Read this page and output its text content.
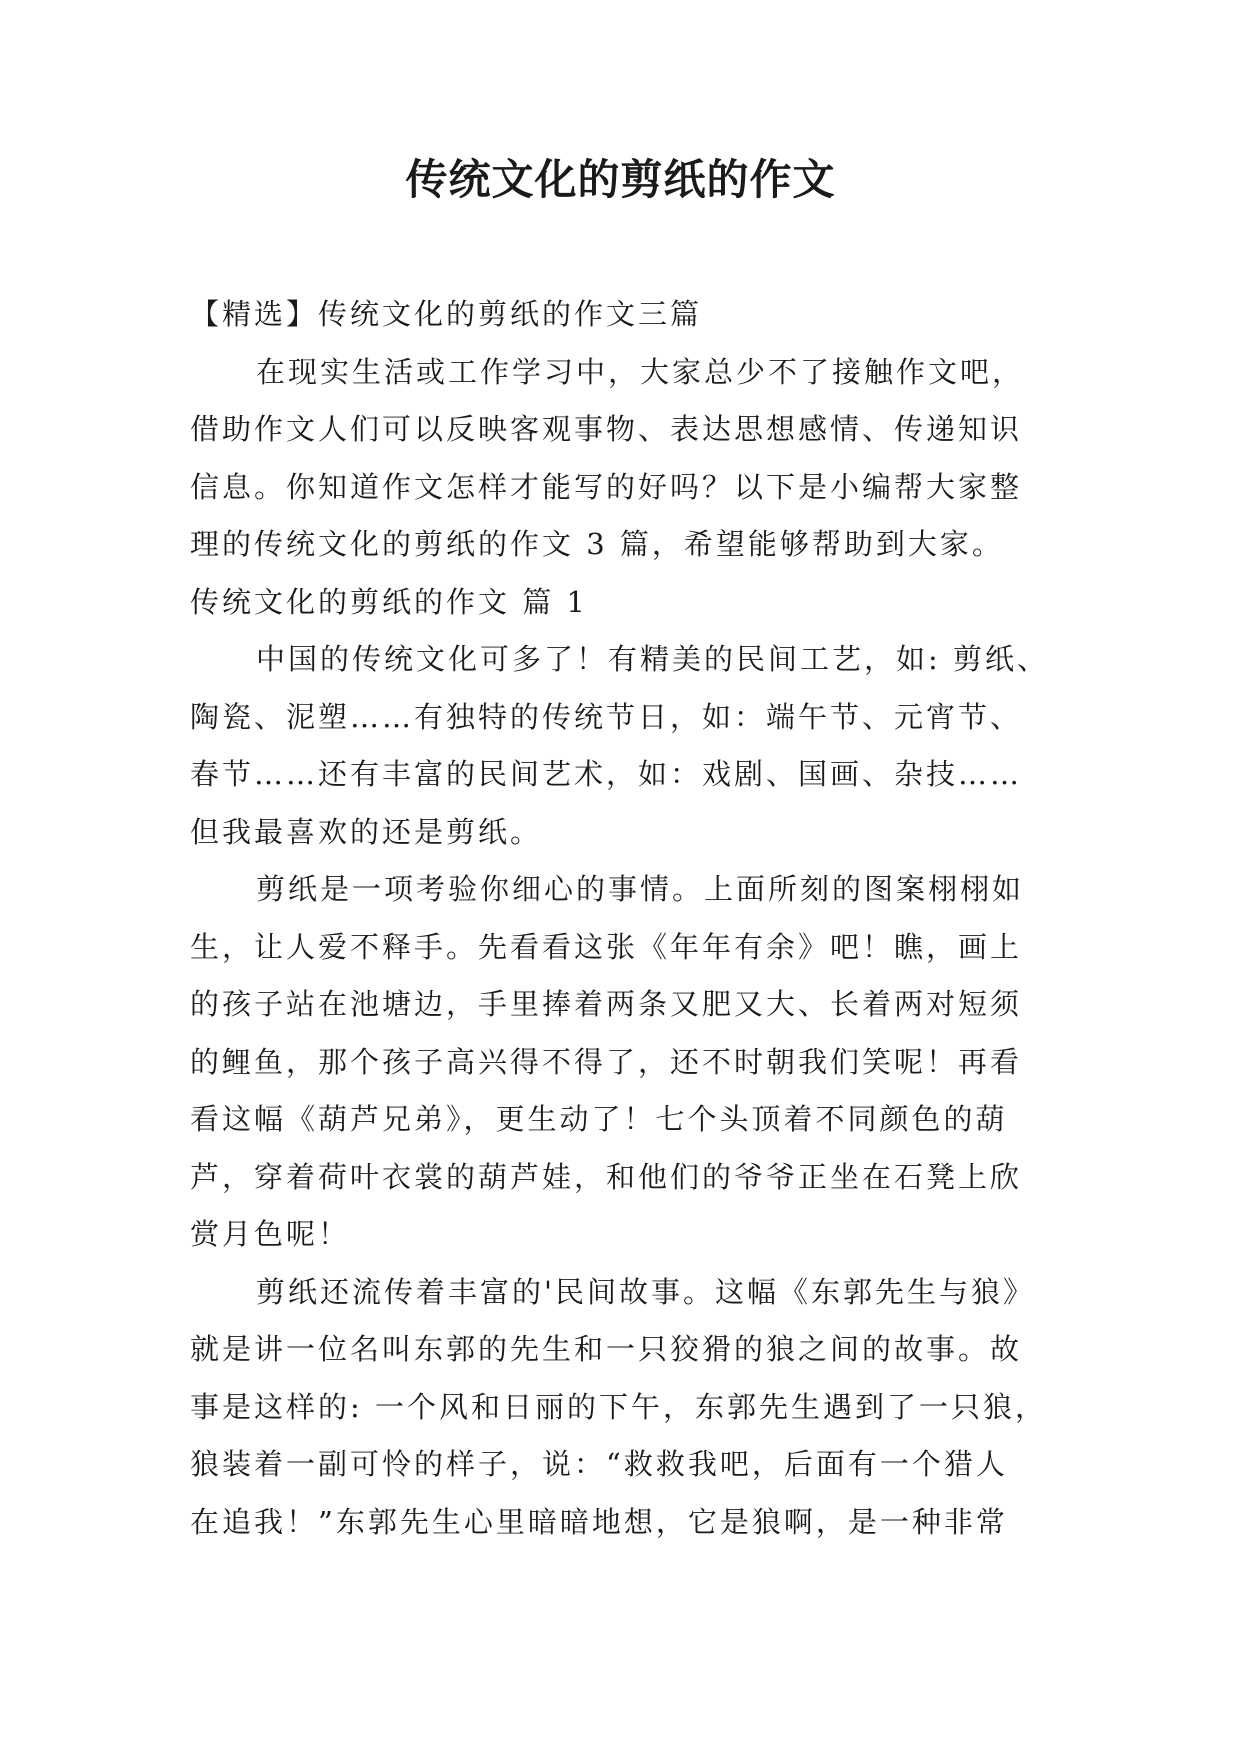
传统文化的剪纸的作文
【精选】传统文化的剪纸的作文三篇
在现实生活或工作学习中，大家总少不了接触作文吧，
借助作文人们可以反映客观事物、表达思想感情、传递知识
信息。你知道作文怎样才能写的好吗？以下是小编帮大家整
理的传统文化的剪纸的作文 3 篇，希望能够帮助到大家。
传统文化的剪纸的作文 篇 1
中国的传统文化可多了！有精美的民间工艺，如: 剪纸、
陶瓷、泥塑……有独特的传统节日，如：端午节、元宵节、
春节……还有丰富的民间艺术，如：戏剧、国画、杂技……
但我最喜欢的还是剪纸。
剪纸是一项考验你细心的事情。上面所刻的图案栩栩如
生，让人爱不释手。先看看这张《年年有余》吧！瞧，画上
的孩子站在池塘边，手里捧着两条又肥又大、长着两对短须
的鲤鱼，那个孩子高兴得不得了，还不时朝我们笑呢！再看
看这幅《葫芦兄弟》，更生动了！七个头顶着不同颜色的葫
芦，穿着荷叶衣裳的葫芦娃，和他们的爷爷正坐在石凳上欣
赏月色呢！
剪纸还流传着丰富的'民间故事。这幅《东郭先生与狼》
就是讲一位名叫东郭的先生和一只狡猾的狼之间的故事。故
事是这样的: 一个风和日丽的下午，东郭先生遇到了一只狼，
狼装着一副可怜的样子，说：“救救我吧，后面有一个猎人
在追我！”东郭先生心里暗暗地想，它是狼啊，是一种非常
